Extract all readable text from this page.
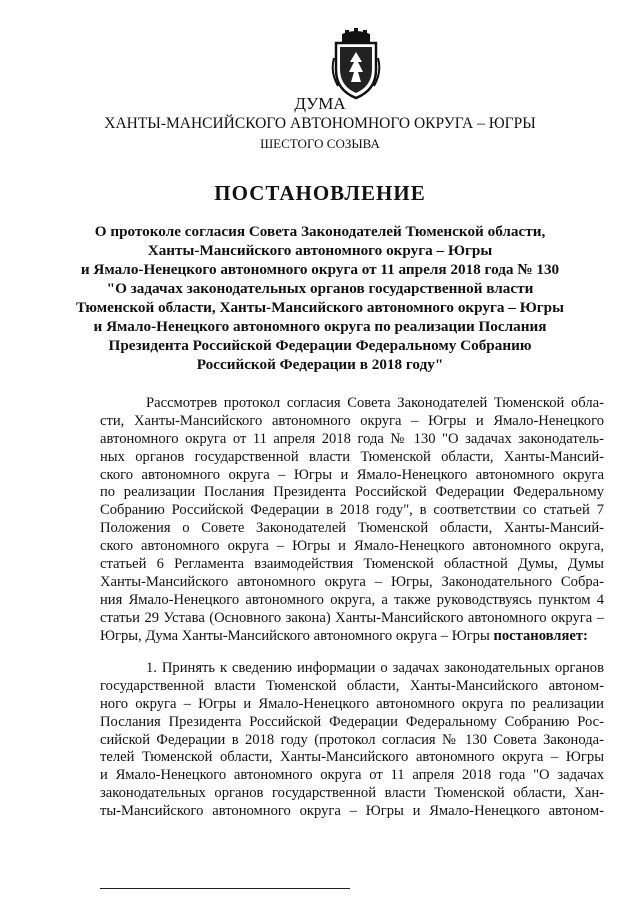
ДУМА
ХАНТЫ-МАНСИЙСКОГО АВТОНОМНОГО ОКРУГА – ЮГРЫ
ШЕСТОГО СОЗЫВА
ПОСТАНОВЛЕНИЕ
О протоколе согласия Совета Законодателей Тюменской области,
Ханты-Мансийского автономного округа – Югры
и Ямало-Ненецкого автономного округа от 11 апреля 2018 года № 130
"О задачах законодательных органов государственной власти
Тюменской области, Ханты-Мансийского автономного округа – Югры
и Ямало-Ненецкого автономного округа по реализации Послания
Президента Российской Федерации Федеральному Собранию
Российской Федерации в 2018 году"
Рассмотрев протокол согласия Совета Законодателей Тюменской обла-
сти, Ханты-Мансийского автономного округа – Югры и Ямало-Ненецкого
автономного округа от 11 апреля 2018 года № 130 "О задачах законодатель-
ных органов государственной власти Тюменской области, Ханты-Мансий-
ского автономного округа – Югры и Ямало-Ненецкого автономного округа
по реализации Послания Президента Российской Федерации Федеральному
Собранию Российской Федерации в 2018 году", в соответствии со статьей 7
Положения о Совете Законодателей Тюменской области, Ханты-Мансий-
ского автономного округа – Югры и Ямало-Ненецкого автономного округа,
статьей 6 Регламента взаимодействия Тюменской областной Думы, Думы
Ханты-Мансийского автономного округа – Югры, Законодательного Собра-
ния Ямало-Ненецкого автономного округа, а также руководствуясь пунктом 4
статьи 29 Устава (Основного закона) Ханты-Мансийского автономного округа –
Югры, Дума Ханты-Мансийского автономного округа – Югры постановляет:
1. Принять к сведению информации о задачах законодательных органов
государственной власти Тюменской области, Ханты-Мансийского автоном-
ного округа – Югры и Ямало-Ненецкого автономного округа по реализации
Послания Президента Российской Федерации Федеральному Собранию Рос-
сийской Федерации в 2018 году (протокол согласия № 130 Совета Законода-
телей Тюменской области, Ханты-Мансийского автономного округа – Югры
и Ямало-Ненецкого автономного округа от 11 апреля 2018 года "О задачах
законодательных органов государственной власти Тюменской области, Хан-
ты-Мансийского автономного округа – Югры и Ямало-Ненецкого автоном-
